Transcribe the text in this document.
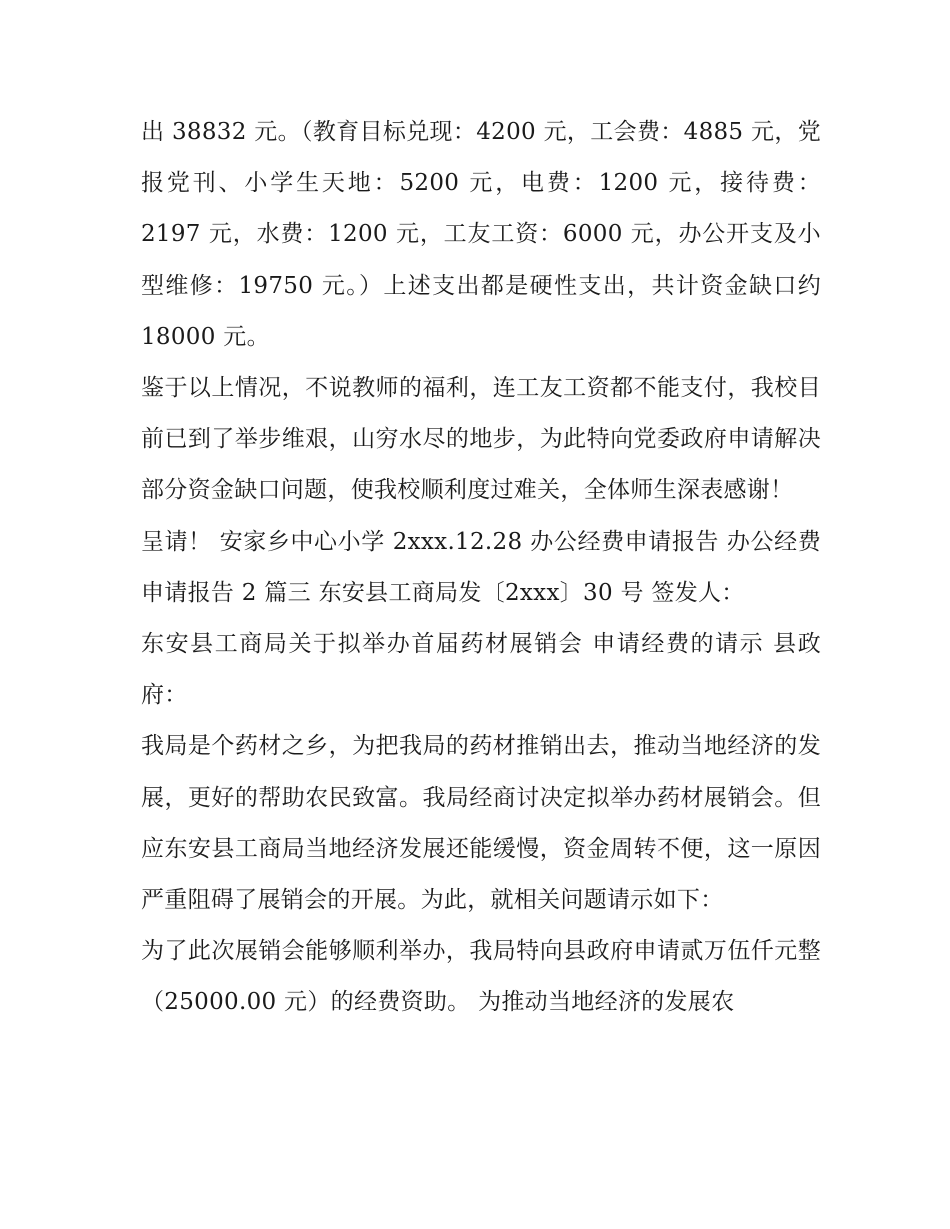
出 38832 元。（教育目标兑现：4200 元，工会费：4885 元，党报党刊、小学生天地：5200 元，电费：1200 元，接待费：2197 元，水费：1200 元，工友工资：6000 元，办公开支及小型维修：19750 元。）上述支出都是硬性支出，共计资金缺口约 18000 元。

鉴于以上情况，不说教师的福利，连工友工资都不能支付，我校目前已到了举步维艰，山穷水尽的地步，为此特向党委政府申请解决部分资金缺口问题，使我校顺利度过难关，全体师生深表感谢！

呈请！ 安家乡中心小学 2xxx.12.28 办公经费申请报告 办公经费申请报告 2 篇三 东安县工商局发〔2xxx〕30 号 签发人：

东安县工商局关于拟举办首届药材展销会 申请经费的请示 县政府：

我局是个药材之乡，为把我局的药材推销出去，推动当地经济的发展，更好的帮助农民致富。我局经商讨决定拟举办药材展销会。但应东安县工商局当地经济发展还能缓慢，资金周转不便，这一原因严重阻碍了展销会的开展。为此，就相关问题请示如下：

为了此次展销会能够顺利举办，我局特向县政府申请贰万伍仟元整（25000.00 元）的经费资助。 为推动当地经济的发展农
